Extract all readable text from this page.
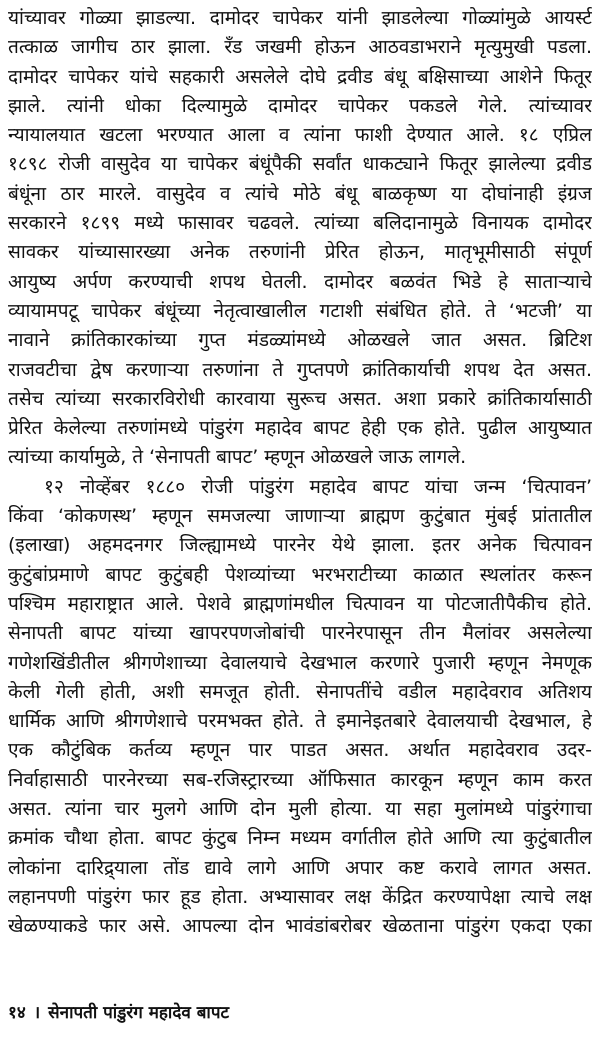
यांच्यावर गोळ्या झाडल्या. दामोदर चापेकर यांनी झाडलेल्या गोळ्यांमुळे आयर्स्ट
तत्काळ जागीच ठार झाला. रँड जखमी होऊन आठवडाभराने मृत्युमुखी पडला.
दामोदर चापेकर यांचे सहकारी असलेले दोघे द्रवीड बंधू बक्षिसाच्या आशेने फितूर
झाले. त्यांनी धोका दिल्यामुळे दामोदर चापेकर पकडले गेले. त्यांच्यावर
न्यायालयात खटला भरण्यात आला व त्यांना फाशी देण्यात आले. १८ एप्रिल
१८९८ रोजी वासुदेव या चापेकर बंधूंपैकी सर्वांत धाकट्याने फितूर झालेल्या द्रवीड
बंधूंना ठार मारले. वासुदेव व त्यांचे मोठे बंधू बाळकृष्ण या दोघांनाही इंग्रज
सरकारने १८९९ मध्ये फासावर चढवले. त्यांच्या बलिदानामुळे विनायक दामोदर
सावकर यांच्यासारख्या अनेक तरुणांनी प्रेरित होऊन, मातृभूमीसाठी संपूर्ण
आयुष्य अर्पण करण्याची शपथ घेतली. दामोदर बळवंत भिडे हे साताऱ्याचे
व्यायामपटू चापेकर बंधूंच्या नेतृत्वाखालील गटाशी संबंधित होते. ते ‘भटजी’ या
नावाने क्रांतिकारकांच्या गुप्त मंडळ्यांमध्ये ओळखले जात असत. ब्रिटिश
राजवटीचा द्वेष करणाऱ्या तरुणांना ते गुप्तपणे क्रांतिकार्याची शपथ देत असत.
तसेच त्यांच्या सरकारविरोधी कारवाया सुरूच असत. अशा प्रकारे क्रांतिकार्यासाठी
प्रेरित केलेल्या तरुणांमध्ये पांडुरंग महादेव बापट हेही एक होते. पुढील आयुष्यात
त्यांच्या कार्यामुळे, ते ‘सेनापती बापट’ म्हणून ओळखले जाऊ लागले.
१२ नोव्हेंबर १८८० रोजी पांडुरंग महादेव बापट यांचा जन्म ‘चित्पावन’
किंवा ‘कोकणस्थ’ म्हणून समजल्या जाणाऱ्या ब्राह्मण कुटुंबात मुंबई प्रांतातील
(इलाखा) अहमदनगर जिल्ह्यामध्ये पारनेर येथे झाला. इतर अनेक चित्पावन
कुटुंबांप्रमाणे बापट कुटुंबही पेशव्यांच्या भरभराटीच्या काळात स्थलांतर करून
पश्चिम महाराष्ट्रात आले. पेशवे ब्राह्मणांमधील चित्पावन या पोटजातीपैकीच होते.
सेनापती बापट यांच्या खापरपणजोबांची पारनेरपासून तीन मैलांवर असलेल्या
गणेशखिंडीतील श्रीगणेशाच्या देवालयाचे देखभाल करणारे पुजारी म्हणून नेमणूक
केली गेली होती, अशी समजूत होती. सेनापतींचे वडील महादेवराव अतिशय
धार्मिक आणि श्रीगणेशाचे परमभक्त होते. ते इमानेइतबारे देवालयाची देखभाल, हे
एक कौटुंबिक कर्तव्य म्हणून पार पाडत असत. अर्थात महादेवराव उदर-
निर्वाहासाठी पारनेरच्या सब-रजिस्ट्रारच्या ऑफिसात कारकून म्हणून काम करत
असत. त्यांना चार मुलगे आणि दोन मुली होत्या. या सहा मुलांमध्ये पांडुरंगाचा
क्रमांक चौथा होता. बापट कुंटुब निम्न मध्यम वर्गातील होते आणि त्या कुटुंबातील
लोकांना दारिद्र्याला तोंड द्यावे लागे आणि अपार कष्ट करावे लागत असत.
लहानपणी पांडुरंग फार हूड होता. अभ्यासावर लक्ष केंद्रित करण्यापेक्षा त्याचे लक्ष
खेळण्याकडे फार असे. आपल्या दोन भावंडांबरोबर खेळताना पांडुरंग एकदा एका
१४ । सेनापती पांडुरंग महादेव बापट
